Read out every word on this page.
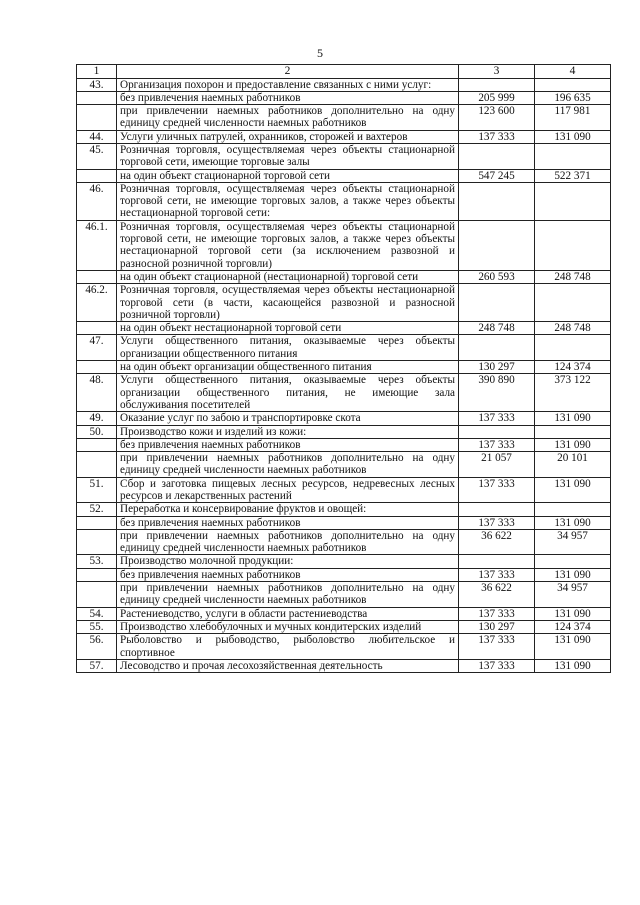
5
1	2	3	4
43.	Организация похорон и предоставление связанных с ними услуг:		
	без привлечения наемных работников	205 999	196 635
	при привлечении наемных работников дополнительно на одну единицу средней численности наемных работников	123 600	117 981
44.	Услуги уличных патрулей, охранников, сторожей и вахтеров	137 333	131 090
45.	Розничная торговля, осуществляемая через объекты стационарной торговой сети, имеющие торговые залы		
	на один объект стационарной торговой сети	547 245	522 371
46.	Розничная торговля, осуществляемая через объекты стационарной торговой сети, не имеющие торговых залов, а также через объекты нестационарной торговой сети:		
46.1.	Розничная торговля, осуществляемая через объекты стационарной торговой сети, не имеющие торговых залов, а также через объекты нестационарной торговой сети (за исключением развозной и разносной розничной торговли)		
	на один объект стационарной (нестационарной) торговой сети	260 593	248 748
46.2.	Розничная торговля, осуществляемая через объекты нестационарной торговой сети (в части, касающейся развозной и разносной розничной торговли)		
	на один объект нестационарной торговой сети	248 748	248 748
47.	Услуги общественного питания, оказываемые через объекты организации общественного питания		
	на один объект организации общественного питания	130 297	124 374
48.	Услуги общественного питания, оказываемые через объекты организации общественного питания, не имеющие зала обслуживания посетителей	390 890	373 122
49.	Оказание услуг по забою и транспортировке скота	137 333	131 090
50.	Производство кожи и изделий из кожи:		
	без привлечения наемных работников	137 333	131 090
	при привлечении наемных работников дополнительно на одну единицу средней численности наемных работников	21 057	20 101
51.	Сбор и заготовка пищевых лесных ресурсов, недревесных лесных ресурсов и лекарственных растений	137 333	131 090
52.	Переработка и консервирование фруктов и овощей:		
	без привлечения наемных работников	137 333	131 090
	при привлечении наемных работников дополнительно на одну единицу средней численности наемных работников	36 622	34 957
53.	Производство молочной продукции:		
	без привлечения наемных работников	137 333	131 090
	при привлечении наемных работников дополнительно на одну единицу средней численности наемных работников	36 622	34 957
54.	Растениеводство, услуги в области растениеводства	137 333	131 090
55.	Производство хлебобулочных и мучных кондитерских изделий	130 297	124 374
56.	Рыболовство и рыбоводство, рыболовство любительское и спортивное	137 333	131 090
57.	Лесоводство и прочая лесохозяйственная деятельность	137 333	131 090
